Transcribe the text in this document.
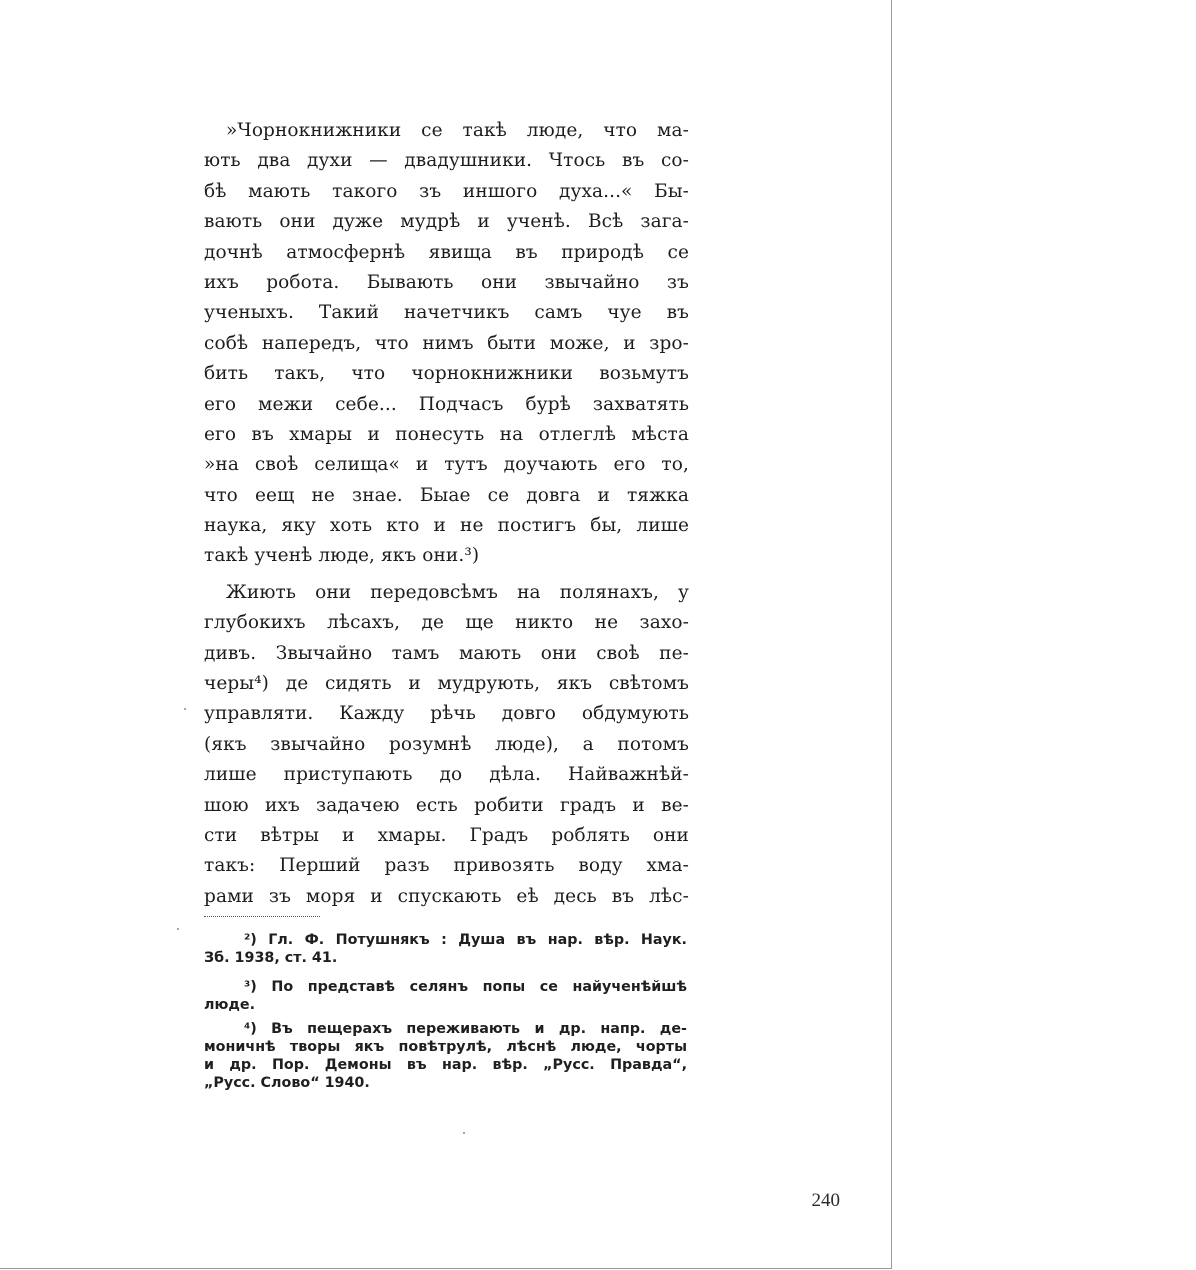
»Чорнокнижники се такѣ люде, что ма-
ють два духи — двадушники. Чтось въ со-
бѣ мають такого зъ иншого духа...« Бы-
вають они дуже мудрѣ и ученѣ. Всѣ зага-
дочнѣ атмосфернѣ явища въ природѣ се
ихъ робота. Бывають они звычайно зъ
ученыхъ. Такий начетчикъ самъ чуе въ
собѣ напередъ, что нимъ быти може, и зро-
бить такъ, что чорнокнижники возьмутъ
его межи себе... Подчасъ бурѣ захватять
его въ хмары и понесуть на отлеглѣ мѣста
»на своѣ селища« и тутъ доучають его то,
что еещ не знае. Быае се довга и тяжка
наука, яку хоть кто и не постигъ бы, лише
такѣ ученѣ люде, якъ они.³)
Жиють они передовсѣмъ на полянахъ, у
глубокихъ лѣсахъ, де ще никто не захо-
дивъ. Звычайно тамъ мають они своѣ пе-
черы⁴) де сидять и мудрують, якъ свѣтомъ
управляти. Кажду рѣчь довго обдумують
(якъ звычайно розумнѣ люде), а потомъ
лише приступають до дѣла. Найважнѣй-
шою ихъ задачею есть робити градъ и ве-
сти вѣтры и хмары. Градъ роблять они
такъ: Перший разъ привозять воду хма-
рами зъ моря и спускають еѣ десь въ лѣс-
²) Гл. Ф. Потушнякъ : Душа въ нар. вѣр. Наук.
Зб. 1938, ст. 41.
³) По представѣ селянъ попы се найученѣйшѣ
люде.
⁴) Въ пещерахъ переживають и др. напр. де-
моничнѣ творы якъ повѣтрулѣ, лѣснѣ люде, чорты
и др. Пор. Демоны въ нар. вѣр. „Русс. Правда“,
„Русс. Слово“ 1940.
240
